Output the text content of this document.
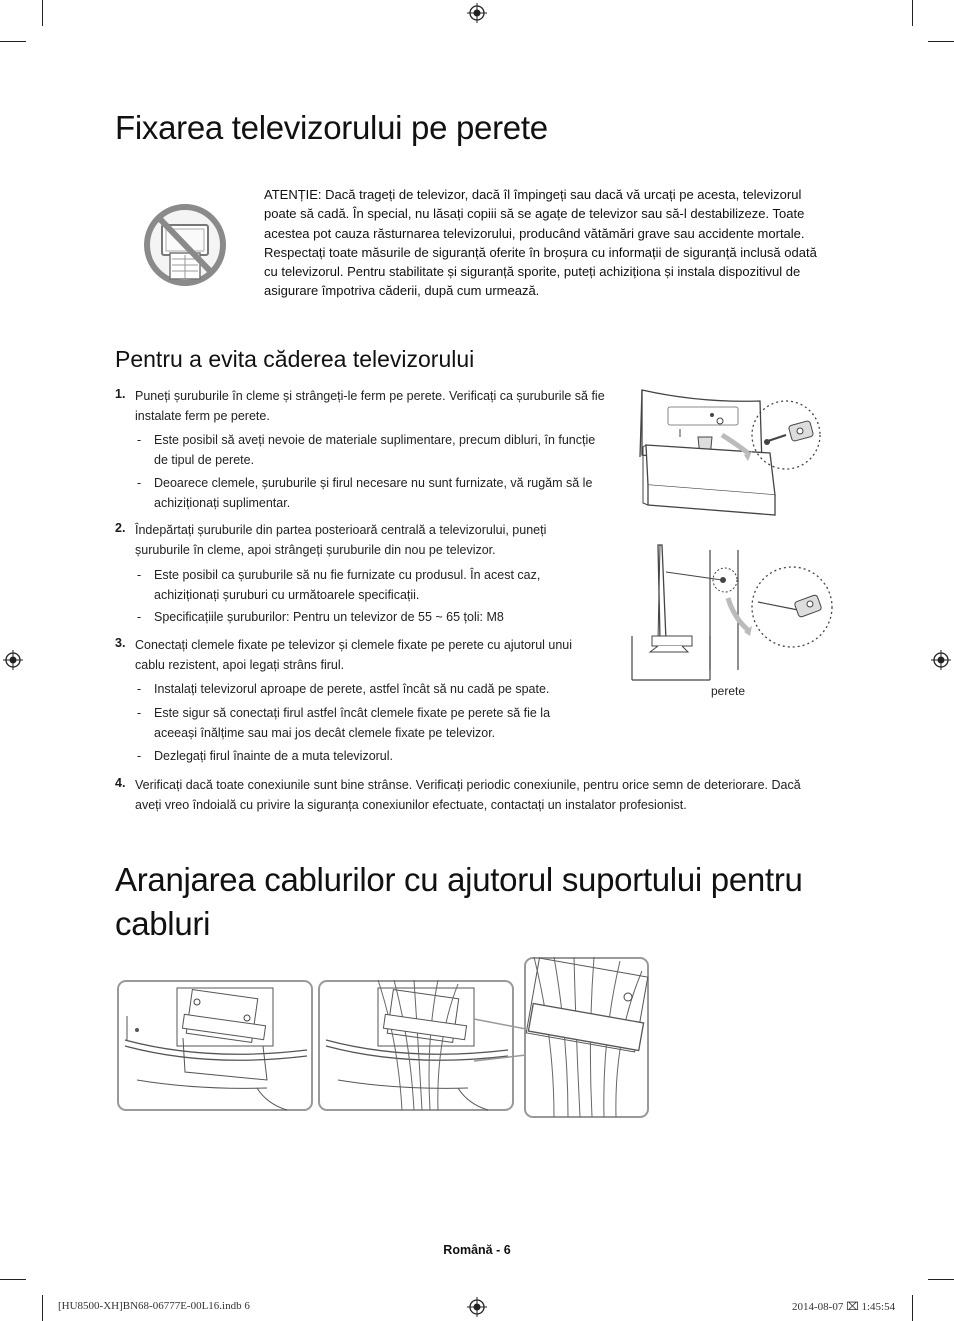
Fixarea televizorului pe perete
ATENȚIE: Dacă trageți de televizor, dacă îl împingeți sau dacă vă urcați pe acesta, televizorul poate să cadă. În special, nu lăsați copiii să se agațe de televizor sau să-l destabilizeze. Toate acestea pot cauza răsturnarea televizorului, producând vătămări grave sau accidente mortale. Respectați toate măsurile de siguranță oferite în broșura cu informații de siguranță inclusă odată cu televizorul. Pentru stabilitate și siguranță sporite, puteți achiziționa și instala dispozitivul de asigurare împotriva căderii, după cum urmează.
Pentru a evita căderea televizorului
1. Puneți șuruburile în cleme și strângeți-le ferm pe perete. Verificați ca șuruburile să fie instalate ferm pe perete.
- Este posibil să aveți nevoie de materiale suplimentare, precum dibluri, în funcție de tipul de perete.
- Deoarece clemele, șuruburile și firul necesare nu sunt furnizate, vă rugăm să le achiziționați suplimentar.
2. Îndepărtați șuruburile din partea posterioară centrală a televizorului, puneți șuruburile în cleme, apoi strângeți șuruburile din nou pe televizor.
- Este posibil ca șuruburile să nu fie furnizate cu produsul. În acest caz, achiziționați șuruburi cu următoarele specificații.
- Specificațiile șuruburilor: Pentru un televizor de 55 ~ 65 țoli: M8
3. Conectați clemele fixate pe televizor și clemele fixate pe perete cu ajutorul unui cablu rezistent, apoi legați strâns firul.
- Instalați televizorul aproape de perete, astfel încât să nu cadă pe spate.
- Este sigur să conectați firul astfel încât clemele fixate pe perete să fie la aceeași înălțime sau mai jos decât clemele fixate pe televizor.
- Dezlegați firul înainte de a muta televizorul.
4. Verificați dacă toate conexiunile sunt bine strânse. Verificați periodic conexiunile, pentru orice semn de deteriorare. Dacă aveți vreo îndoială cu privire la siguranța conexiunilor efectuate, contactați un instalator profesionist.
perete
Aranjarea cablurilor cu ajutorul suportului pentru cabluri
Română - 6
[HU8500-XH]BN68-06777E-00L16.indb 6	2014-08-07 ⌧ 1:45:54
